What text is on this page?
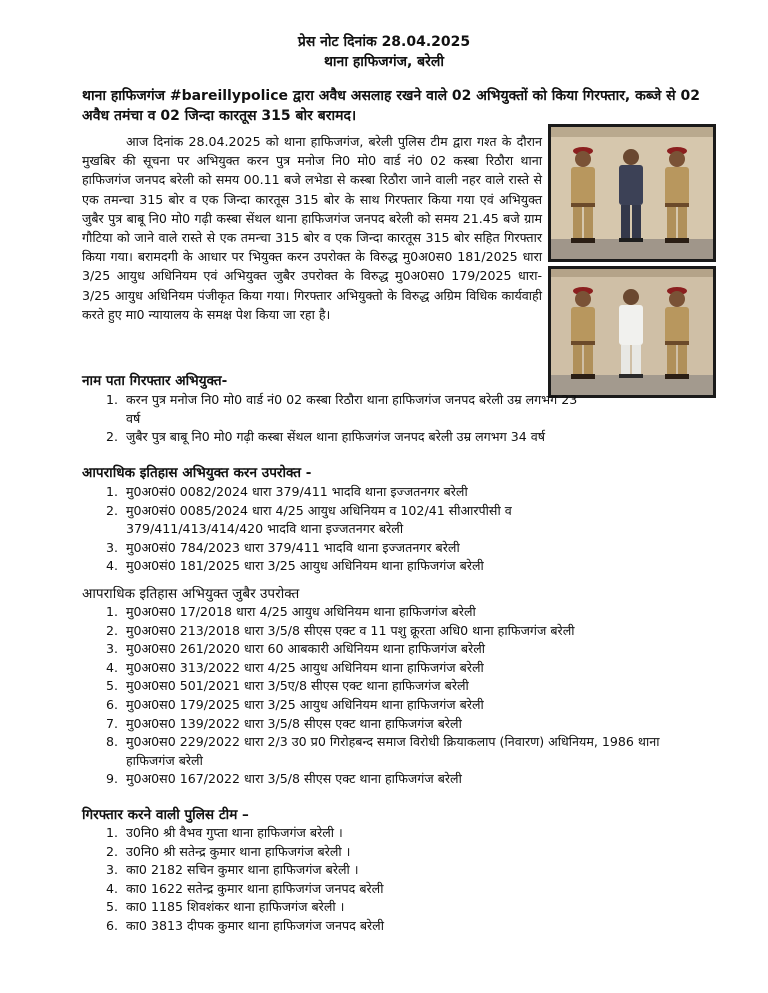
प्रेस नोट दिनांक 28.04.2025
थाना हाफिजगंज, बरेली
थाना हाफिजगंज #bareillypolice द्वारा अवैध असलाह रखने वाले 02 अभियुक्तों को किया गिरफ्तार, कब्जे से 02 अवैध तमंचा व 02 जिन्दा कारतूस 315 बोर बरामद।
आज दिनांक 28.04.2025 को थाना हाफिजगंज, बरेली पुलिस टीम द्वारा गश्त के दौरान मुखबिर की सूचना पर अभियुक्त करन पुत्र मनोज नि0 मो0 वार्ड नं0 02 कस्बा रिठौरा थाना हाफिजगंज जनपद बरेली को समय 00.11 बजे लभेडा से कस्बा रिठौरा जाने वाली नहर वाले रास्ते से एक तमन्चा 315 बोर व एक जिन्दा कारतूस 315 बोर के साथ गिरफ्तार किया गया एवं अभियुक्त जुबैर पुत्र बाबू नि0 मो0 गढ़ी कस्बा सेंथल थाना हाफिजगंज जनपद बरेली को समय 21.45 बजे ग्राम गौटिया को जाने वाले रास्ते से एक तमन्चा 315 बोर व एक जिन्दा कारतूस 315 बोर सहित गिरफ्तार किया गया। बरामदगी के आधार पर भियुक्त करन उपरोक्त के विरुद्ध मु0अ0स0 181/2025 धारा 3/25 आयुध अधिनियम एवं अभियुक्त जुबैर उपरोक्त के विरुद्ध मु0अ0स0 179/2025 धारा- 3/25 आयुध अधिनियम पंजीकृत किया गया। गिरफ्तार अभियुक्तो के विरुद्ध अग्रिम विधिक कार्यवाही करते हुए मा0 न्यायालय के समक्ष पेश किया जा रहा है।
नाम पता गिरफ्तार अभियुक्त-
1. करन पुत्र मनोज नि0 मो0 वार्ड नं0 02 कस्बा रिठौरा थाना हाफिजगंज जनपद बरेली उम्र लगभग 23 वर्ष
2. जुबैर पुत्र बाबू नि0 मो0 गढ़ी कस्बा सेंथल थाना हाफिजगंज जनपद बरेली उम्र लगभग 34 वर्ष
आपराधिक इतिहास अभियुक्त करन उपरोक्त -
1. मु0अ0सं0 0082/2024 धारा 379/411 भादवि थाना इज्जतनगर बरेली
2. मु0अ0सं0 0085/2024 धारा 4/25 आयुध अधिनियम व 102/41 सीआरपीसी व 379/411/413/414/420 भादवि थाना इज्जतनगर बरेली
3. मु0अ0सं0 784/2023 धारा 379/411 भादवि थाना इज्जतनगर बरेली
4. मु0अ0सं0 181/2025 धारा 3/25 आयुध अधिनियम थाना हाफिजगंज बरेली
आपराधिक इतिहास अभियुक्त जुबैर उपरोक्त
1. मु0अ0स0 17/2018 धारा 4/25 आयुध अधिनियम थाना हाफिजगंज बरेली
2. मु0अ0स0 213/2018 धारा 3/5/8 सीएस एक्ट व 11 पशु क्रूरता अधि0 थाना हाफिजगंज बरेली
3. मु0अ0स0 261/2020 धारा 60 आबकारी अधिनियम थाना हाफिजगंज बरेली
4. मु0अ0स0 313/2022 धारा 4/25 आयुध अधिनियम थाना हाफिजगंज बरेली
5. मु0अ0स0 501/2021 धारा 3/5ए/8 सीएस एक्ट थाना हाफिजगंज बरेली
6. मु0अ0स0 179/2025 धारा 3/25 आयुध अधिनियम थाना हाफिजगंज बरेली
7. मु0अ0स0 139/2022 धारा 3/5/8 सीएस एक्ट थाना हाफिजगंज बरेली
8. मु0अ0स0 229/2022 धारा 2/3 उ0 प्र0 गिरोहबन्द समाज विरोधी क्रियाकलाप (निवारण) अधिनियम, 1986 थाना हाफिजगंज बरेली
9. मु0अ0स0 167/2022 धारा 3/5/8 सीएस एक्ट थाना हाफिजगंज बरेली
गिरफ्तार करने वाली पुलिस टीम –
1. उ0नि0 श्री वैभव गुप्ता थाना हाफिजगंज बरेली ।
2. उ0नि0 श्री सतेन्द्र कुमार थाना हाफिजगंज बरेली ।
3. का0 2182 सचिन कुमार थाना हाफिजगंज बरेली ।
4. का0 1622 सतेन्द्र कुमार थाना हाफिजगंज जनपद बरेली
5. का0 1185 शिवशंकर थाना हाफिजगंज बरेली ।
6. का0 3813 दीपक कुमार थाना हाफिजगंज जनपद बरेली
